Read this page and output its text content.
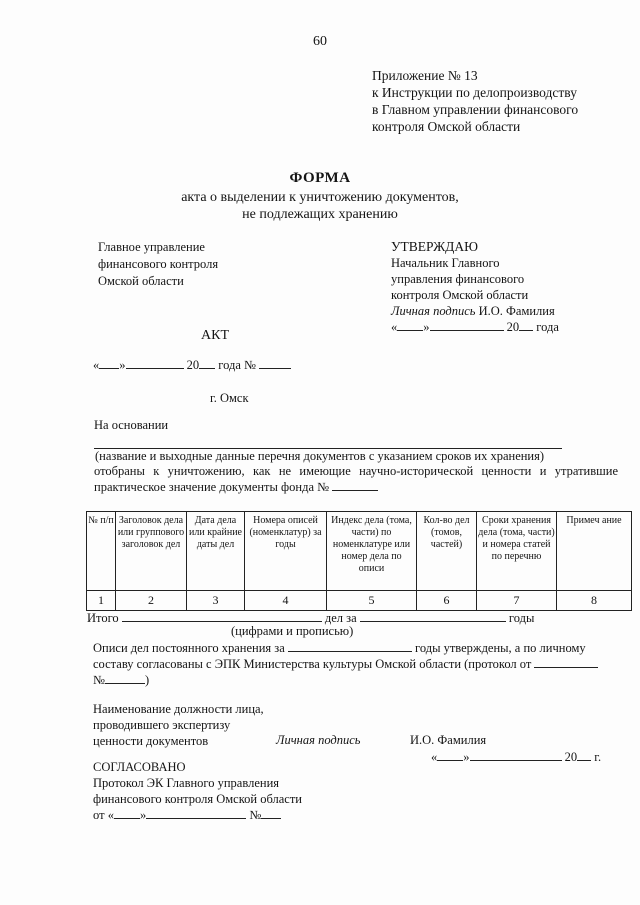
60
Приложение № 13
к Инструкции по делопроизводству
в Главном управлении финансового
контроля Омской области
ФОРМА
акта о выделении к уничтожению документов,
не подлежащих хранению
Главное управление
финансового контроля
Омской области
УТВЕРЖДАЮ
Начальник Главного
управления финансового
контроля Омской области
Личная подпись И.О. Фамилия
« »	20 года
АКТ
« »	20 года №
г. Омск
На основании
(название и выходные данные перечня документов с указанием сроков их хранения)
отобраны к уничтожению, как не имеющие научно-исторической ценности и утратившие практическое значение документы фонда №
№ п/п	Заголовок дела или группового заголовок дел	Дата дела или крайние даты дел	Номера описей (номенклатур) за годы	Индекс дела (тома, части) по номенклатуре или номер дела по описи	Кол-во дел (томов, частей)	Сроки хранения дела (тома, части) и номера статей по перечню	Примеч ание
1	2	3	4	5	6	7	8
Итого	дел за	годы
(цифрами и прописью)
Описи дел постоянного хранения за	годы утверждены, а по личному
составу согласованы с ЭПК Министерства культуры Омской области (протокол от
№	)
Наименование должности лица,
проводившего экспертизу
ценности документов	Личная подпись	И.О. Фамилия
« »	20 г.
СОГЛАСОВАНО
Протокол ЭК Главного управления
финансового контроля Омской области
от « »	№
